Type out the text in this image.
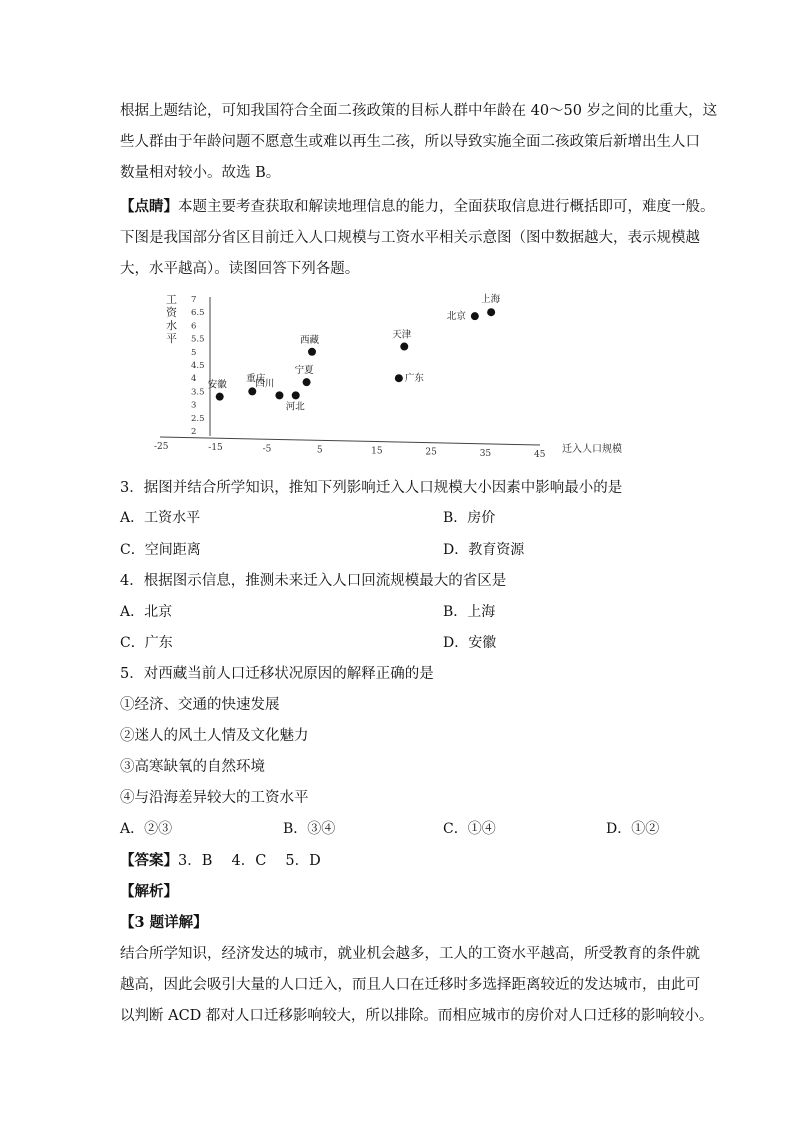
根据上题结论，可知我国符合全面二孩政策的目标人群中年龄在 40～50 岁之间的比重大，这
些人群由于年龄问题不愿意生或难以再生二孩，所以导致实施全面二孩政策后新增出生人口
数量相对较小。故选 B。
【点睛】本题主要考查获取和解读地理信息的能力，全面获取信息进行概括即可，难度一般。
下图是我国部分省区目前迁入人口规模与工资水平相关示意图（图中数据越大，表示规模越
大，水平越高）。读图回答下列各题。
工
资
水
平
迁入人口规模
2
2.5
3
3.5
4
4.5
5
5.5
6
6.5
7
-25	-15	-5	5	15	25	35	45
安徽
重庆
四川
河北
宁夏
西藏	天津
广东
北京
上海
3．据图并结合所学知识，推知下列影响迁入人口规模大小因素中影响最小的是
A．工资水平	B．房价
C．空间距离	D．教育资源
4．根据图示信息，推测未来迁入人口回流规模最大的省区是
A．北京	B．上海
C．广东	D．安徽
5．对西藏当前人口迁移状况原因的解释正确的是
①经济、交通的快速发展
②迷人的风土人情及文化魅力
③高寒缺氧的自然环境
④与沿海差异较大的工资水平
A．②③	B．③④	C．①④	D．①②
【答案】3．B　 4．C　 5．D
【解析】
【3 题详解】
结合所学知识，经济发达的城市，就业机会越多，工人的工资水平越高，所受教育的条件就
越高，因此会吸引大量的人口迁入，而且人口在迁移时多选择距离较近的发达城市，由此可
以判断 ACD 都对人口迁移影响较大，所以排除。而相应城市的房价对人口迁移的影响较小。
